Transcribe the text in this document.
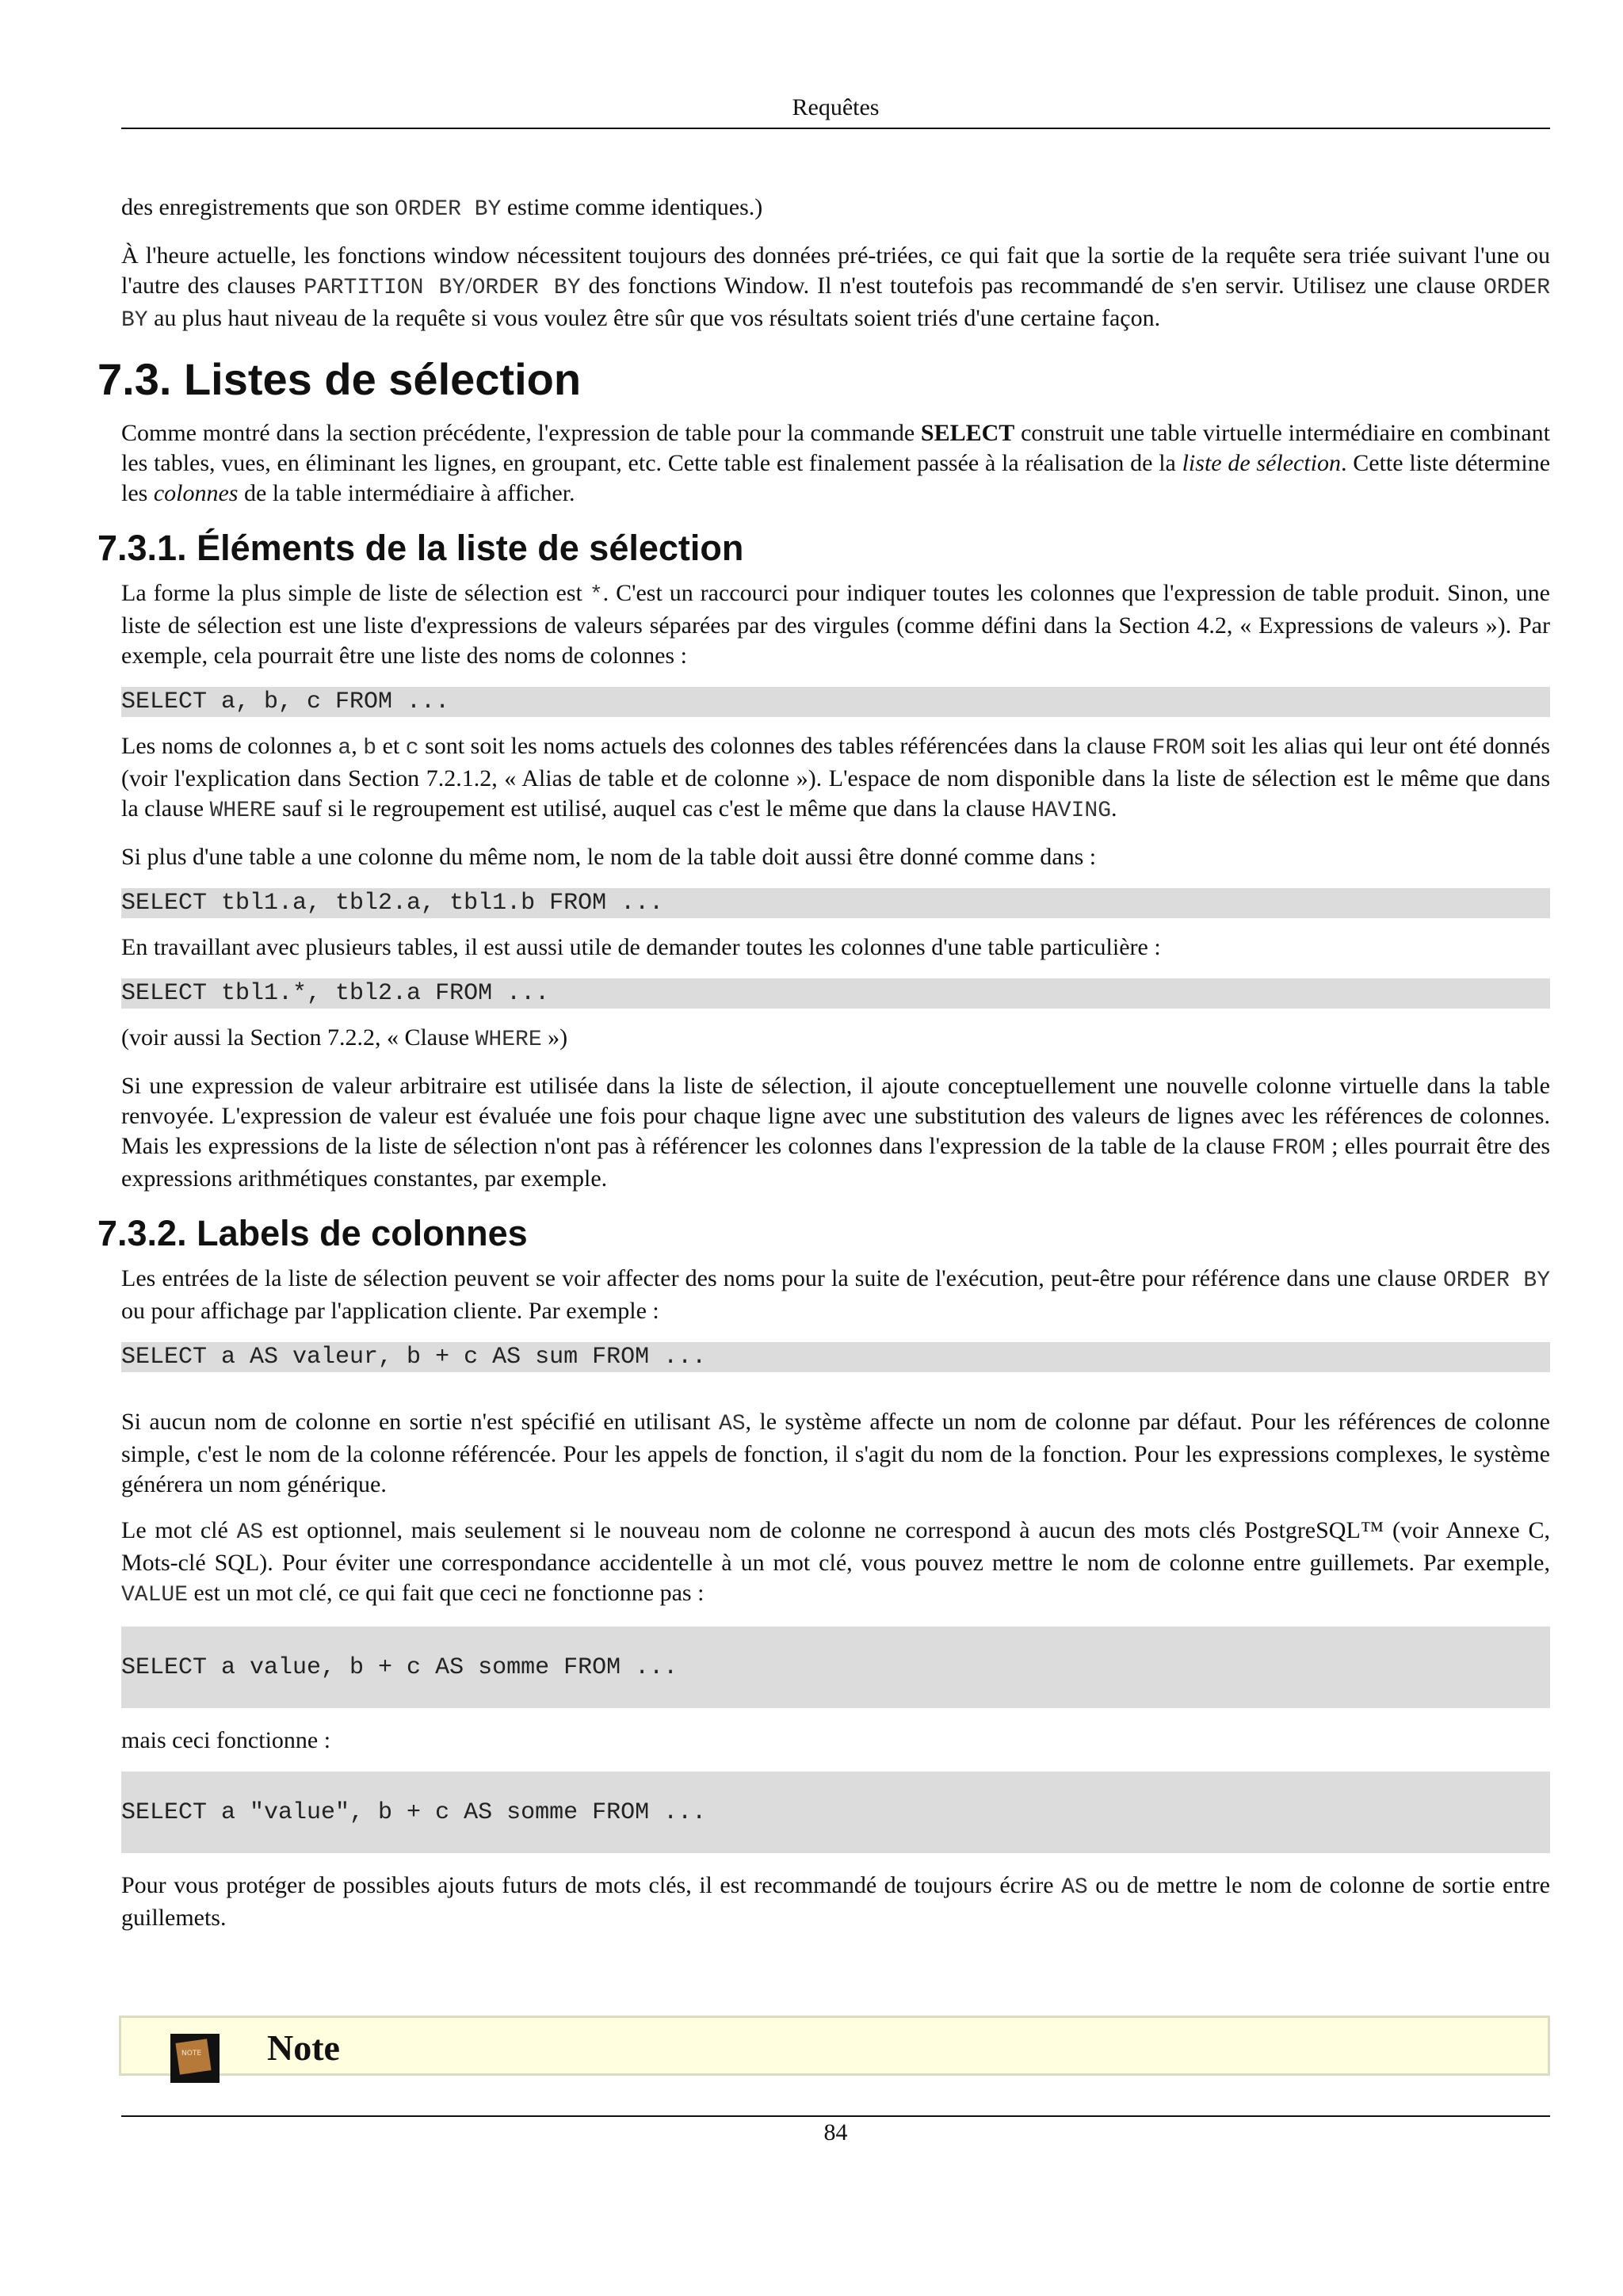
Requêtes

des enregistrements que son ORDER BY estime comme identiques.)

À l'heure actuelle, les fonctions window nécessitent toujours des données pré-triées, ce qui fait que la sortie de la requête sera triée suivant l'une ou l'autre des clauses PARTITION BY/ORDER BY des fonctions Window. Il n'est toutefois pas recommandé de s'en servir. Utilisez une clause ORDER BY au plus haut niveau de la requête si vous voulez être sûr que vos résultats soient triés d'une certaine façon.

7.3. Listes de sélection

Comme montré dans la section précédente, l'expression de table pour la commande SELECT construit une table virtuelle intermédiaire en combinant les tables, vues, en éliminant les lignes, en groupant, etc. Cette table est finalement passée à la réalisation de la liste de sélection. Cette liste détermine les colonnes de la table intermédiaire à afficher.

7.3.1. Éléments de la liste de sélection

La forme la plus simple de liste de sélection est *. C'est un raccourci pour indiquer toutes les colonnes que l'expression de table produit. Sinon, une liste de sélection est une liste d'expressions de valeurs séparées par des virgules (comme défini dans la Section 4.2, « Expressions de valeurs »). Par exemple, cela pourrait être une liste des noms de colonnes :

SELECT a, b, c FROM ...

Les noms de colonnes a, b et c sont soit les noms actuels des colonnes des tables référencées dans la clause FROM soit les alias qui leur ont été donnés (voir l'explication dans Section 7.2.1.2, « Alias de table et de colonne »). L'espace de nom disponible dans la liste de sélection est le même que dans la clause WHERE sauf si le regroupement est utilisé, auquel cas c'est le même que dans la clause HAVING.

Si plus d'une table a une colonne du même nom, le nom de la table doit aussi être donné comme dans :

SELECT tbl1.a, tbl2.a, tbl1.b FROM ...

En travaillant avec plusieurs tables, il est aussi utile de demander toutes les colonnes d'une table particulière :

SELECT tbl1.*, tbl2.a FROM ...

(voir aussi la Section 7.2.2, « Clause WHERE »)

Si une expression de valeur arbitraire est utilisée dans la liste de sélection, il ajoute conceptuellement une nouvelle colonne virtuelle dans la table renvoyée. L'expression de valeur est évaluée une fois pour chaque ligne avec une substitution des valeurs de lignes avec les références de colonnes. Mais les expressions de la liste de sélection n'ont pas à référencer les colonnes dans l'expression de la table de la clause FROM ; elles pourrait être des expressions arithmétiques constantes, par exemple.

7.3.2. Labels de colonnes

Les entrées de la liste de sélection peuvent se voir affecter des noms pour la suite de l'exécution, peut-être pour référence dans une clause ORDER BY ou pour affichage par l'application cliente. Par exemple :

SELECT a AS valeur, b + c AS sum FROM ...

Si aucun nom de colonne en sortie n'est spécifié en utilisant AS, le système affecte un nom de colonne par défaut. Pour les références de colonne simple, c'est le nom de la colonne référencée. Pour les appels de fonction, il s'agit du nom de la fonction. Pour les expressions complexes, le système générera un nom générique.

Le mot clé AS est optionnel, mais seulement si le nouveau nom de colonne ne correspond à aucun des mots clés PostgreSQL™ (voir Annexe C, Mots-clé SQL). Pour éviter une correspondance accidentelle à un mot clé, vous pouvez mettre le nom de colonne entre guillemets. Par exemple, VALUE est un mot clé, ce qui fait que ceci ne fonctionne pas :

SELECT a value, b + c AS somme FROM ...

mais ceci fonctionne :

SELECT a "value", b + c AS somme FROM ...

Pour vous protéger de possibles ajouts futurs de mots clés, il est recommandé de toujours écrire AS ou de mettre le nom de colonne de sortie entre guillemets.

NOTE Note
84
